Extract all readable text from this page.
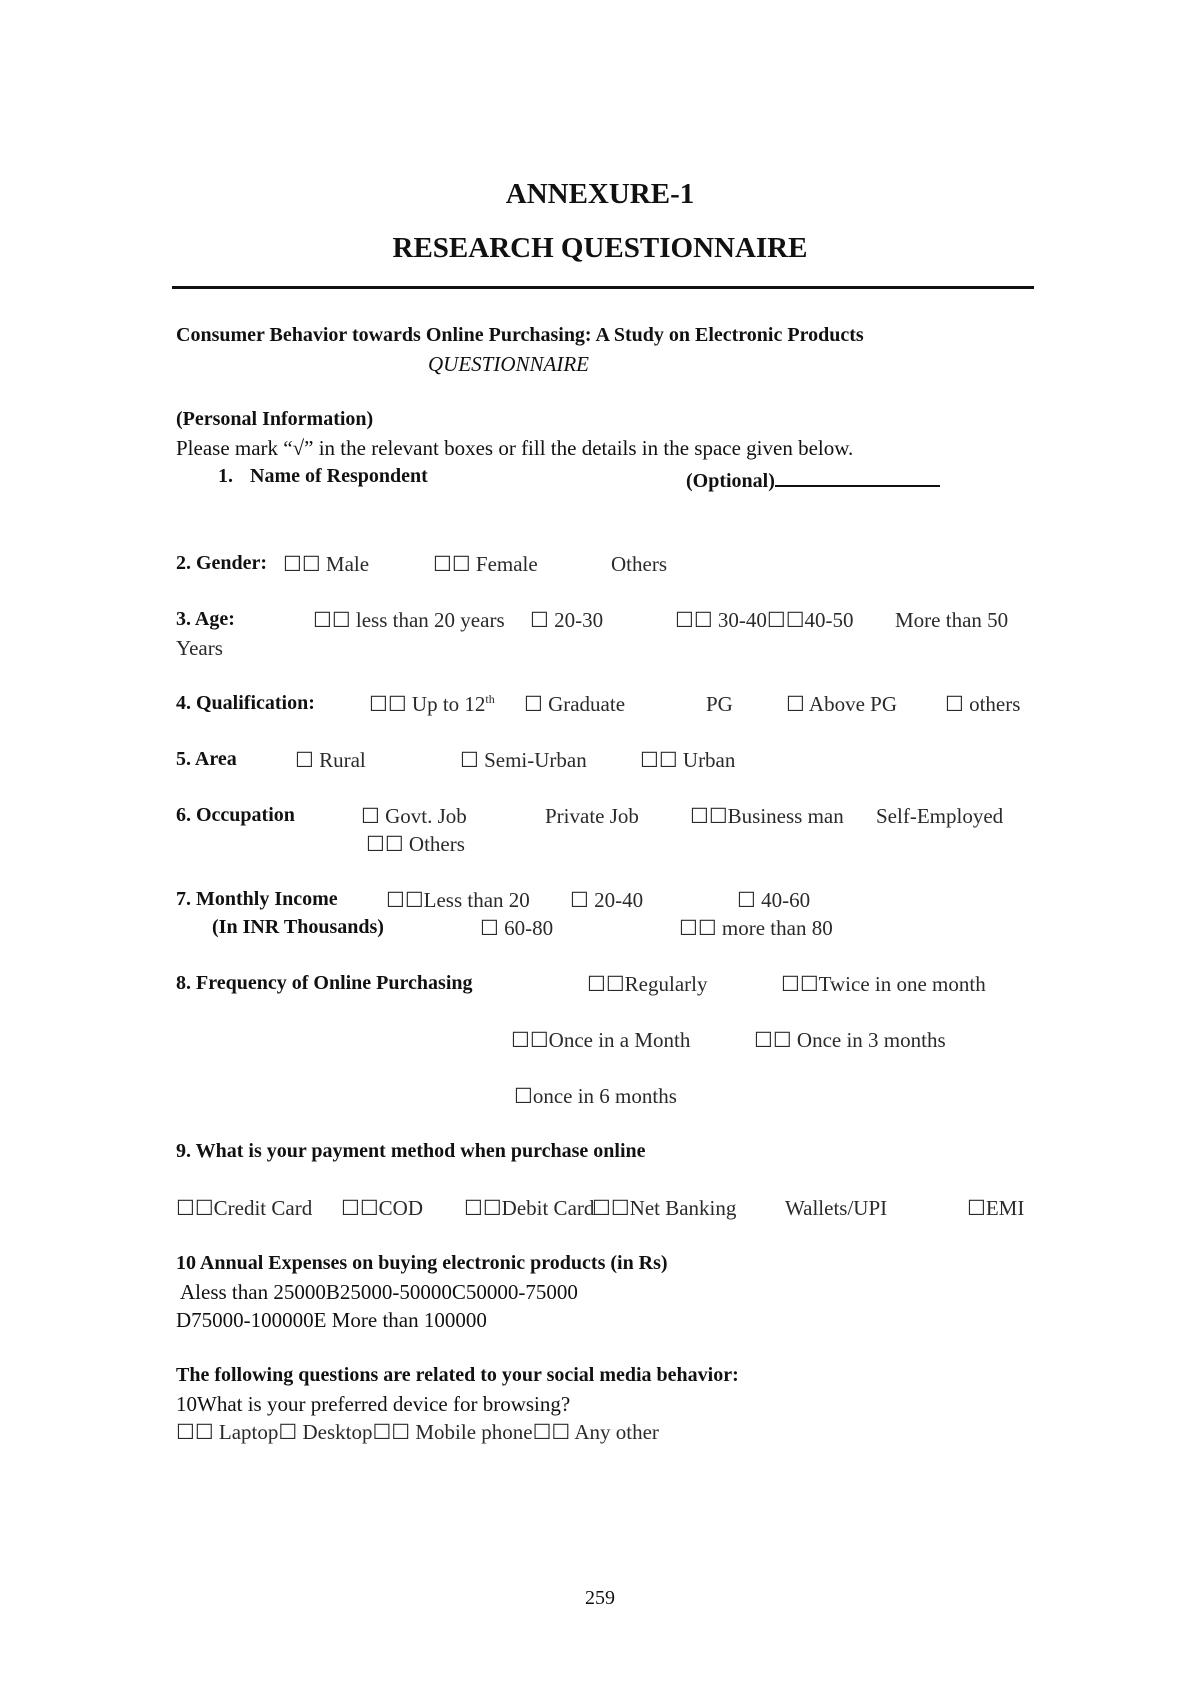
ANNEXURE-1
RESEARCH QUESTIONNAIRE
Consumer Behavior towards Online Purchasing: A Study on Electronic Products
QUESTIONNAIRE
(Personal Information)
Please mark “√” in the relevant boxes or fill the details in the space given below.
1. Name of Respondent	(Optional)
2. Gender: ☐☐ Male	☐☐ Female	Others
3. Age:	☐☐ less than 20 years ☐ 20-30	☐☐ 30-40☐☐40-50 More than 50
Years
4. Qualification:	☐☐ Up to 12th ☐ Graduate	PG	☐ Above PG ☐ others
5. Area	☐ Rural	☐ Semi-Urban	☐☐ Urban
6. Occupation	☐ Govt. Job	Private Job ☐☐Business man Self-Employed
☐☐ Others
7. Monthly Income ☐☐Less than 20 ☐ 20-40	☐ 40-60
(In INR Thousands)	☐ 60-80	☐☐ more than 80
8. Frequency of Online Purchasing	☐☐Regularly	☐☐Twice in one month
☐☐Once in a Month	☐☐ Once in 3 months
☐once in 6 months
9. What is your payment method when purchase online
☐☐Credit Card ☐☐COD ☐☐Debit Card
☐☐Net Banking Wallets/UPI	☐EMI
10 Annual Expenses on buying electronic products (in Rs)
Aless than 25000B25000-50000C50000-75000
D75000-100000E More than 100000
The following questions are related to your social media behavior:
10What is your preferred device for browsing?
☐☐ Laptop☐ Desktop☐☐ Mobile phone☐☐ Any other
259
